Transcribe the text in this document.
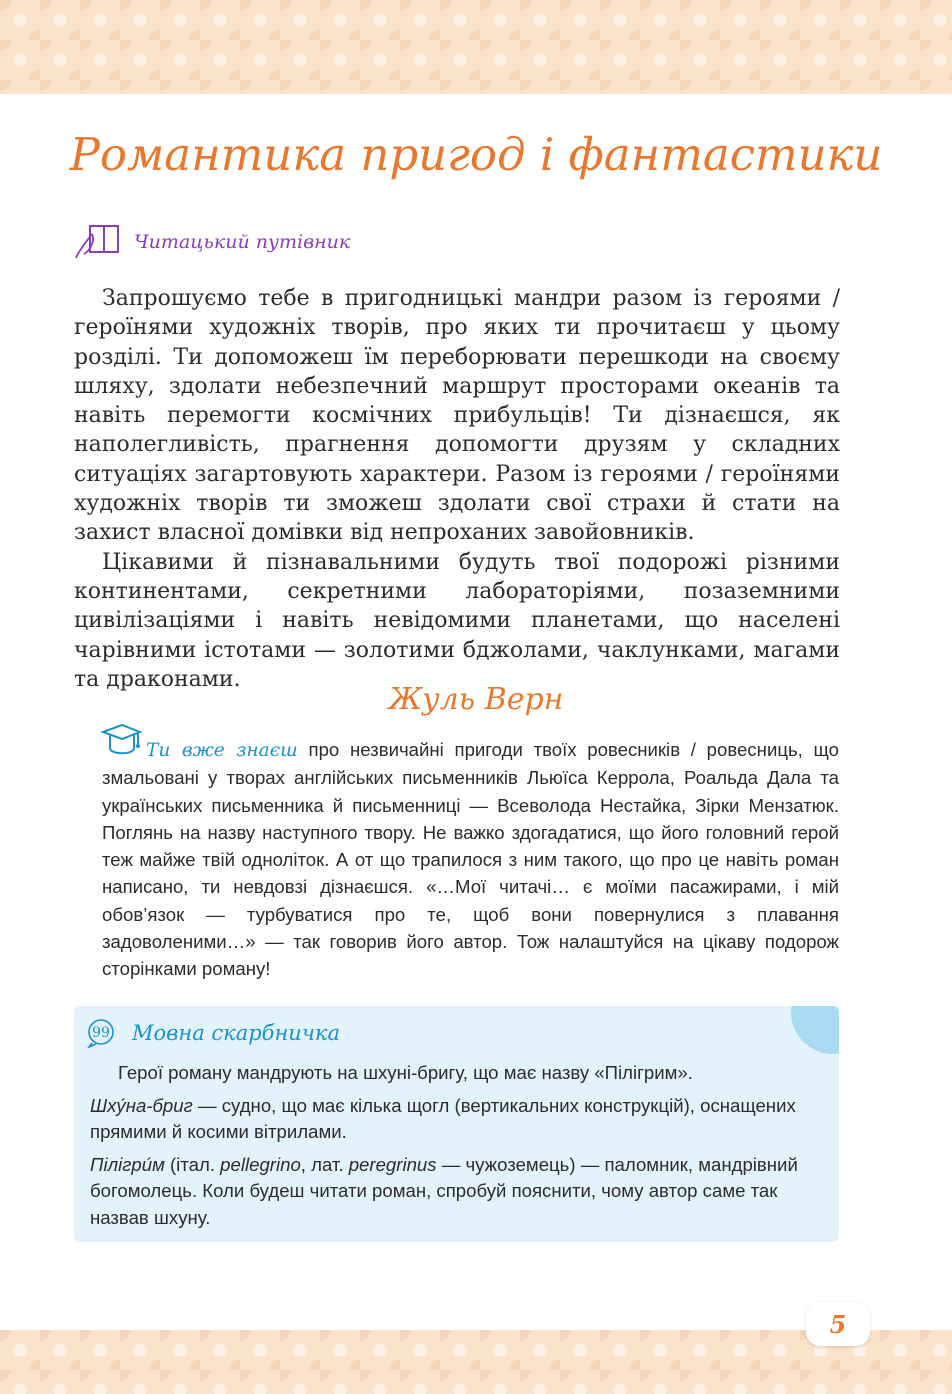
Романтика пригод і фантастики
Читацький путівник

Запрошуємо тебе в пригодницькі мандри разом із героями / героїнями художніх творів, про яких ти прочитаєш у цьому розділі. Ти допоможеш їм переборювати перешкоди на своєму шляху, здолати небезпечний маршрут просторами океанів та навіть перемогти космічних прибульців! Ти дізнаєшся, як наполегливість, прагнення допомогти друзям у складних ситуаціях загартовують характери. Разом із героями / героїнями художніх творів ти зможеш здолати свої страхи й стати на захист власної домівки від непроханих завойовників.

Цікавими й пізнавальними будуть твої подорожі різними континентами, секретними лабораторіями, позаземними цивілізаціями і навіть невідомими планетами, що населені чарівними істотами — золотими бджолами, чаклунками, магами та драконами.

Жуль Верн

Ти вже знаєш про незвичайні пригоди твоїх ровесників / ровесниць, що змальовані у творах англійських письменників Льюїса Керрола, Роальда Дала та українських письменника й письменниці — Всеволода Нестайка, Зірки Мензатюк. Поглянь на назву наступного твору. Не важко здогадатися, що його головний герой теж майже твій одноліток. А от що трапилося з ним такого, що про це навіть роман написано, ти невдовзі дізнаєшся. «…Мої читачі… є моїми пасажирами, і мій обов’язок — турбуватися про те, щоб вони повернулися з плавання задоволеними…» — так говорив його автор. Тож налаштуйся на цікаву подорож сторінками роману!

99 Мовна скарбничка

Герої роману мандрують на шхуні-бригу, що має назву «Пілігрим».

Шху́на-бриг — судно, що має кілька щогл (вертикальних конструкцій), оснащених прямими й косими вітрилами.

Пілігри́м (італ. pellegrino, лат. peregrinus — чужоземець) — паломник, мандрівний богомолець. Коли будеш читати роман, спробуй пояснити, чому автор саме так назвав шхуну.

5
